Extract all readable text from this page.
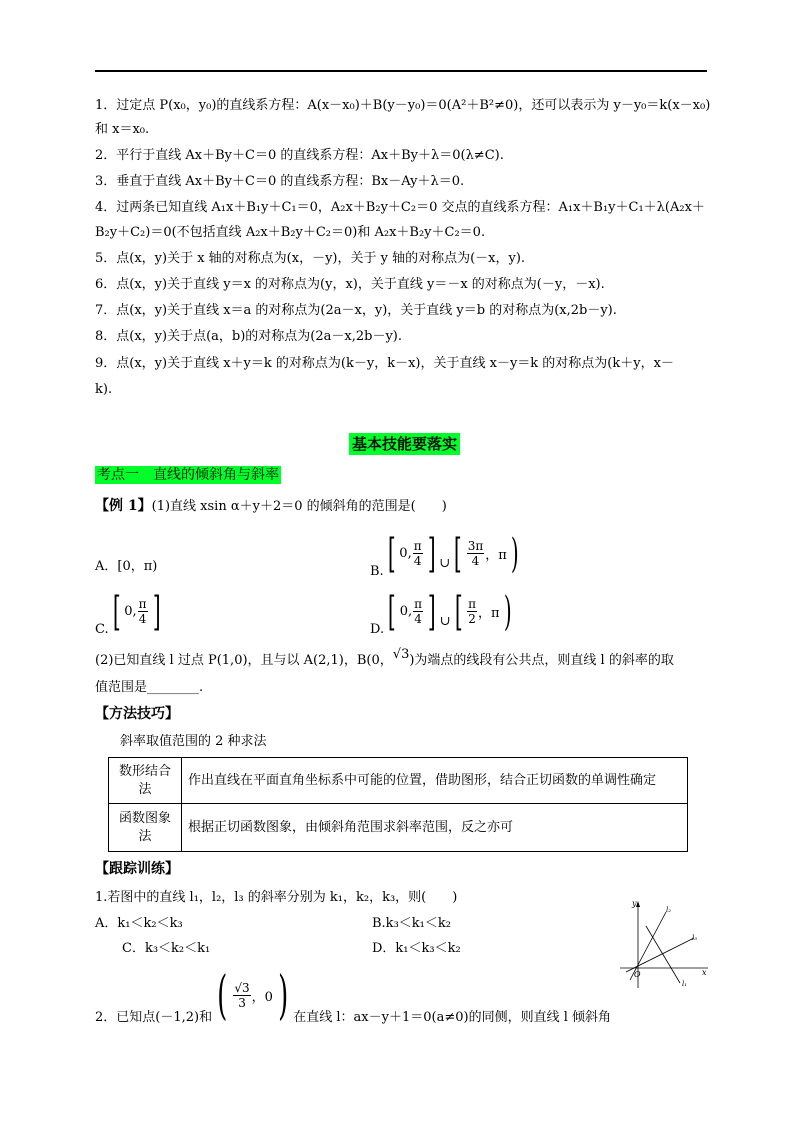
1．过定点 P(x₀，y₀)的直线系方程：A(x－x₀)＋B(y－y₀)＝0(A²＋B²≠0)，还可以表示为 y－y₀＝k(x－x₀)
和 x＝x₀.
2．平行于直线 Ax＋By＋C＝0 的直线系方程：Ax＋By＋λ＝0(λ≠C).
3．垂直于直线 Ax＋By＋C＝0 的直线系方程：Bx－Ay＋λ＝0.
4．过两条已知直线 A₁x＋B₁y＋C₁＝0，A₂x＋B₂y＋C₂＝0 交点的直线系方程：A₁x＋B₁y＋C₁＋λ(A₂x＋
B₂y＋C₂)＝0(不包括直线 A₂x＋B₂y＋C₂＝0)和 A₂x＋B₂y＋C₂＝0.
5．点(x，y)关于 x 轴的对称点为(x，－y)，关于 y 轴的对称点为(－x，y).
6．点(x，y)关于直线 y＝x 的对称点为(y，x)，关于直线 y＝－x 的对称点为(－y，－x).
7．点(x，y)关于直线 x＝a 的对称点为(2a－x，y)，关于直线 y＝b 的对称点为(x,2b－y).
8．点(x，y)关于点(a，b)的对称点为(2a－x,2b－y).
9．点(x，y)关于直线 x＋y＝k 的对称点为(k－y，k－x)，关于直线 x－y＝k 的对称点为(k＋y，x－
k).
基本技能要落实
考点一　直线的倾斜角与斜率
【例 1】(1)直线 xsin α＋y＋2＝0 的倾斜角的范围是(　　)
A．[0，π)	B. [ 0, $\frac{\pi}{4}$ ] ∪ [ $\frac{3\pi}{4}$ ，π )
C. [ 0, $\frac{\pi}{4}$ ]	D. [ 0, $\frac{\pi}{4}$ ] ∪ [ $\frac{\pi}{2}$ ，π )
(2)已知直线 l 过点 P(1,0)，且与以 A(2,1)，B(0，√3)为端点的线段有公共点，则直线 l 的斜率的取
值范围是________.
【方法技巧】
斜率取值范围的 2 种求法
数形结合法	作出直线在平面直角坐标系中可能的位置，借助图形，结合正切函数的单调性确定
函数图象法	根据正切函数图象，由倾斜角范围求斜率范围，反之亦可
【跟踪训练】
1.若图中的直线 l₁，l₂，l₃ 的斜率分别为 k₁，k₂，k₃，则(　　)
A．k₁＜k₂＜k₃	B.k₃＜k₁＜k₂
C．k₃＜k₂＜k₁	D．k₁＜k₃＜k₂
y
x
O
l₂
l₃
l₁
2．已知点(－1,2)和 ( $\frac{√3}{3}$ ，0 ) 在直线 l：ax－y＋1＝0(a≠0)的同侧，则直线 l 倾斜角
